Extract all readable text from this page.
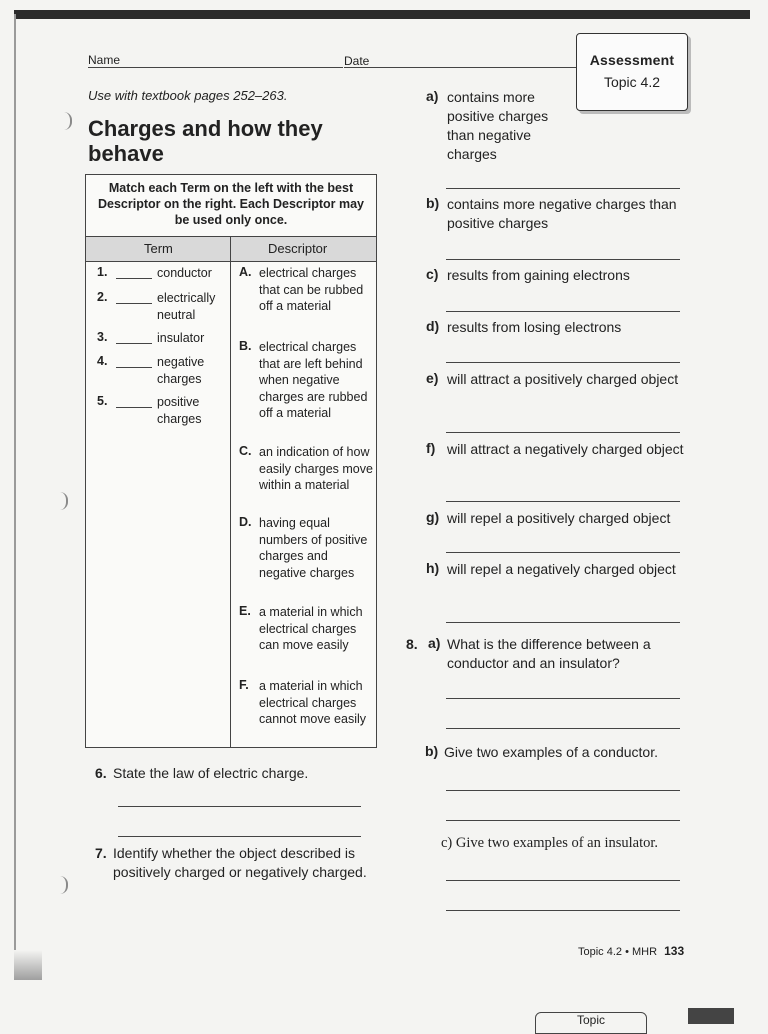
Name	Date	Assessment
Topic 4.2
Use with textbook pages 252–263.
Charges and how they behave
Match each Term on the left with the best Descriptor on the right. Each Descriptor may be used only once.
Term	Descriptor
1.	conductor
2.	electrically neutral
3.	insulator
4.	negative charges
5.	positive charges
A. electrical charges that can be rubbed off a material
B. electrical charges that are left behind when negative charges are rubbed off a material
C. an indication of how easily charges move within a material
D. having equal numbers of positive charges and negative charges
E. a material in which electrical charges can move easily
F. a material in which electrical charges cannot move easily
6. State the law of electric charge.
7. Identify whether the object described is positively charged or negatively charged.
a) contains more positive charges than negative charges
b) contains more negative charges than positive charges
c) results from gaining electrons
d) results from losing electrons
e) will attract a positively charged object
f) will attract a negatively charged object
g) will repel a positively charged object
h) will repel a negatively charged object
8. a) What is the difference between a conductor and an insulator?
b) Give two examples of a conductor.
c) Give two examples of an insulator.
Topic 4.2 • MHR 133
Topic
